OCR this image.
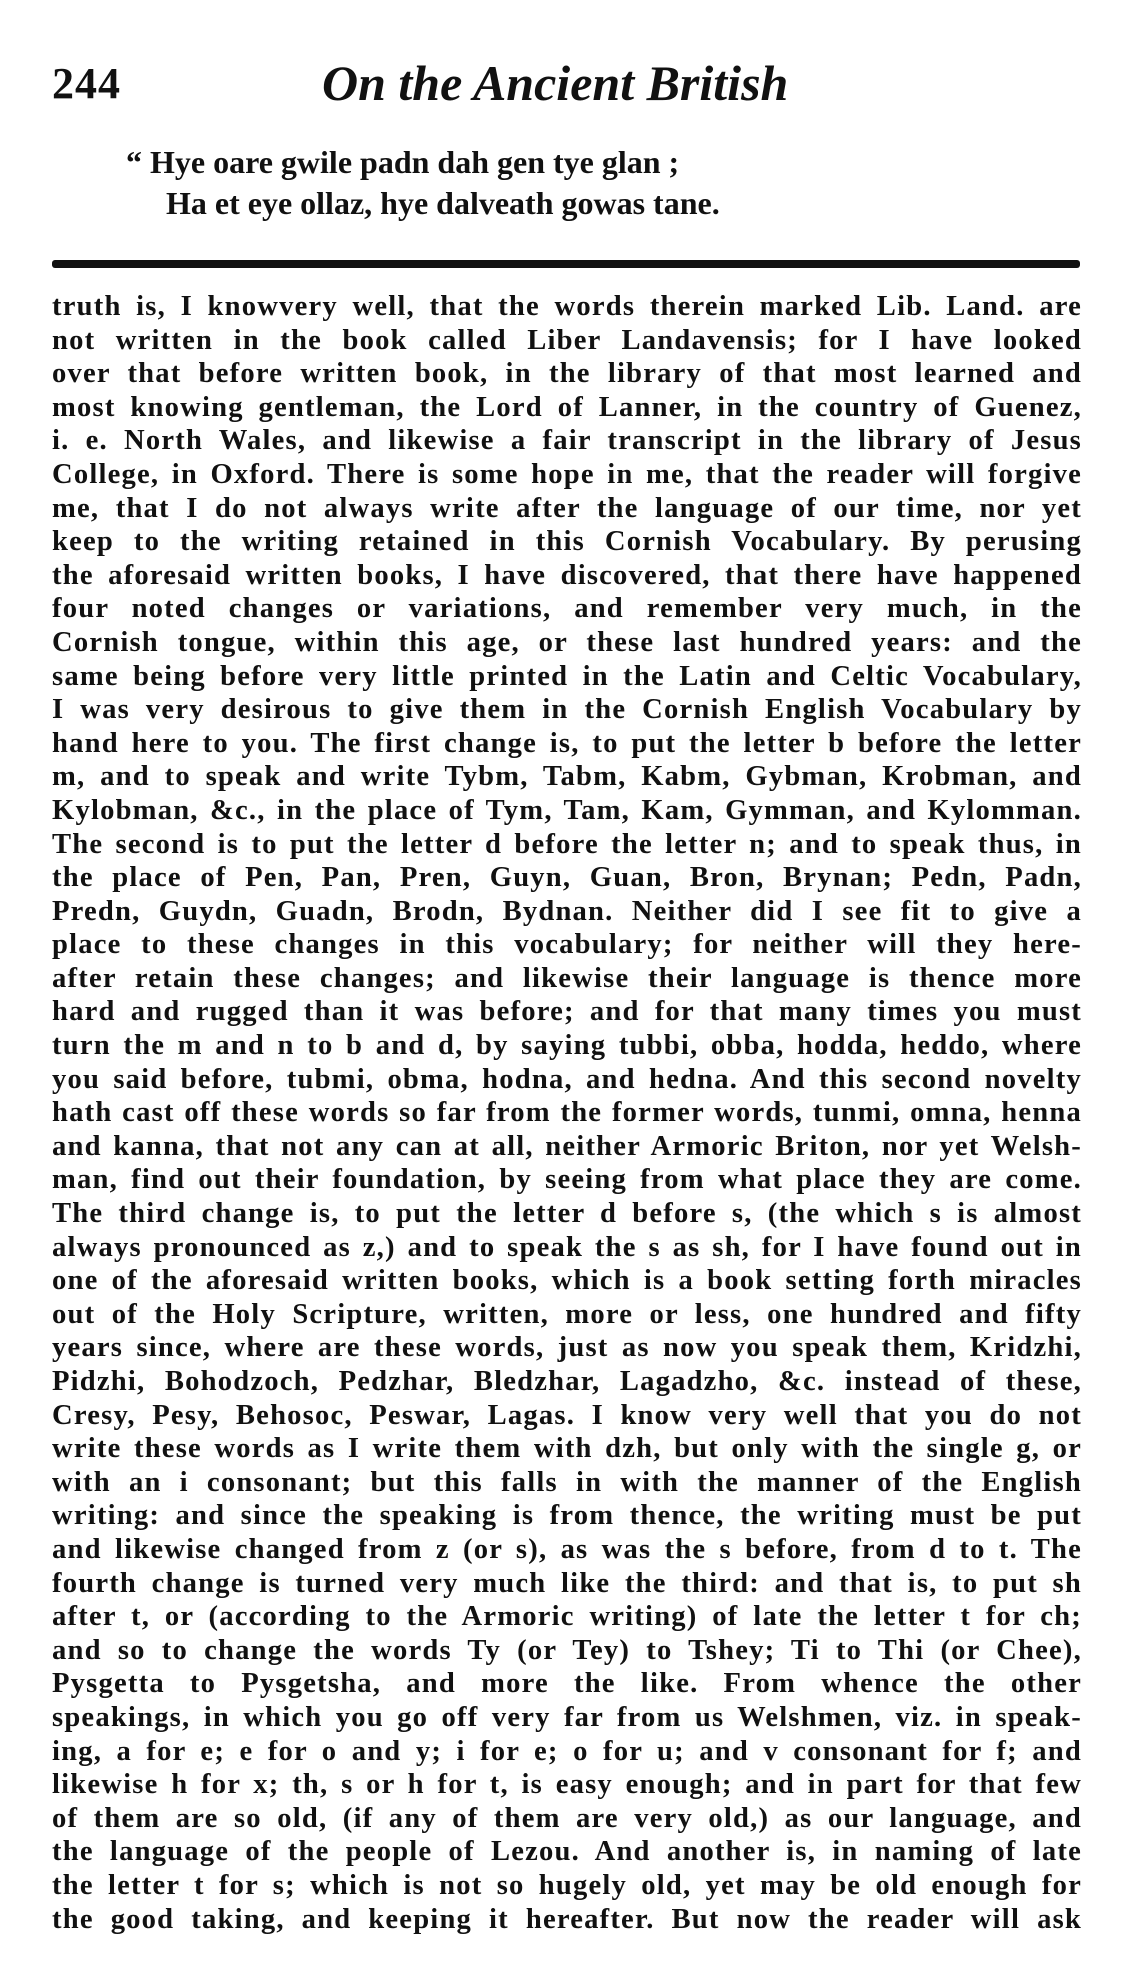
244	On the Ancient British
“ Hye oare gwile padn dah gen tye glan ;
Ha et eye ollaz, hye dalveath gowas tane.
truth is, I knowvery well, that the words therein marked Lib. Land. are
not written in the book called Liber Landavensis; for I have looked
over that before written book, in the library of that most learned and
most knowing gentleman, the Lord of Lanner, in the country of Guenez,
i. e. North Wales, and likewise a fair transcript in the library of Jesus
College, in Oxford. There is some hope in me, that the reader will forgive
me, that I do not always write after the language of our time, nor yet
keep to the writing retained in this Cornish Vocabulary. By perusing
the aforesaid written books, I have discovered, that there have happened
four noted changes or variations, and remember very much, in the
Cornish tongue, within this age, or these last hundred years: and the
same being before very little printed in the Latin and Celtic Vocabulary,
I was very desirous to give them in the Cornish English Vocabulary by
hand here to you. The first change is, to put the letter b before the letter
m, and to speak and write Tybm, Tabm, Kabm, Gybman, Krobman, and
Kylobman, &c., in the place of Tym, Tam, Kam, Gymman, and Kylomman.
The second is to put the letter d before the letter n; and to speak thus, in
the place of Pen, Pan, Pren, Guyn, Guan, Bron, Brynan; Pedn, Padn,
Predn, Guydn, Guadn, Brodn, Bydnan. Neither did I see fit to give a
place to these changes in this vocabulary; for neither will they here-
after retain these changes; and likewise their language is thence more
hard and rugged than it was before; and for that many times you must
turn the m and n to b and d, by saying tubbi, obba, hodda, heddo, where
you said before, tubmi, obma, hodna, and hedna. And this second novelty
hath cast off these words so far from the former words, tunmi, omna, henna
and kanna, that not any can at all, neither Armoric Briton, nor yet Welsh-
man, find out their foundation, by seeing from what place they are come.
The third change is, to put the letter d before s, (the which s is almost
always pronounced as z,) and to speak the s as sh, for I have found out in
one of the aforesaid written books, which is a book setting forth miracles
out of the Holy Scripture, written, more or less, one hundred and fifty
years since, where are these words, just as now you speak them, Kridzhi,
Pidzhi, Bohodzoch, Pedzhar, Bledzhar, Lagadzho, &c. instead of these,
Cresy, Pesy, Behosoc, Peswar, Lagas. I know very well that you do not
write these words as I write them with dzh, but only with the single g, or
with an i consonant; but this falls in with the manner of the English
writing: and since the speaking is from thence, the writing must be put
and likewise changed from z (or s), as was the s before, from d to t. The
fourth change is turned very much like the third: and that is, to put sh
after t, or (according to the Armoric writing) of late the letter t for ch;
and so to change the words Ty (or Tey) to Tshey; Ti to Thi (or Chee),
Pysgetta to Pysgetsha, and more the like. From whence the other
speakings, in which you go off very far from us Welshmen, viz. in speak-
ing, a for e; e for o and y; i for e; o for u; and v consonant for f; and
likewise h for x; th, s or h for t, is easy enough; and in part for that few
of them are so old, (if any of them are very old,) as our language, and
the language of the people of Lezou. And another is, in naming of late
the letter t for s; which is not so hugely old, yet may be old enough for
the good taking, and keeping it hereafter. But now the reader will ask
